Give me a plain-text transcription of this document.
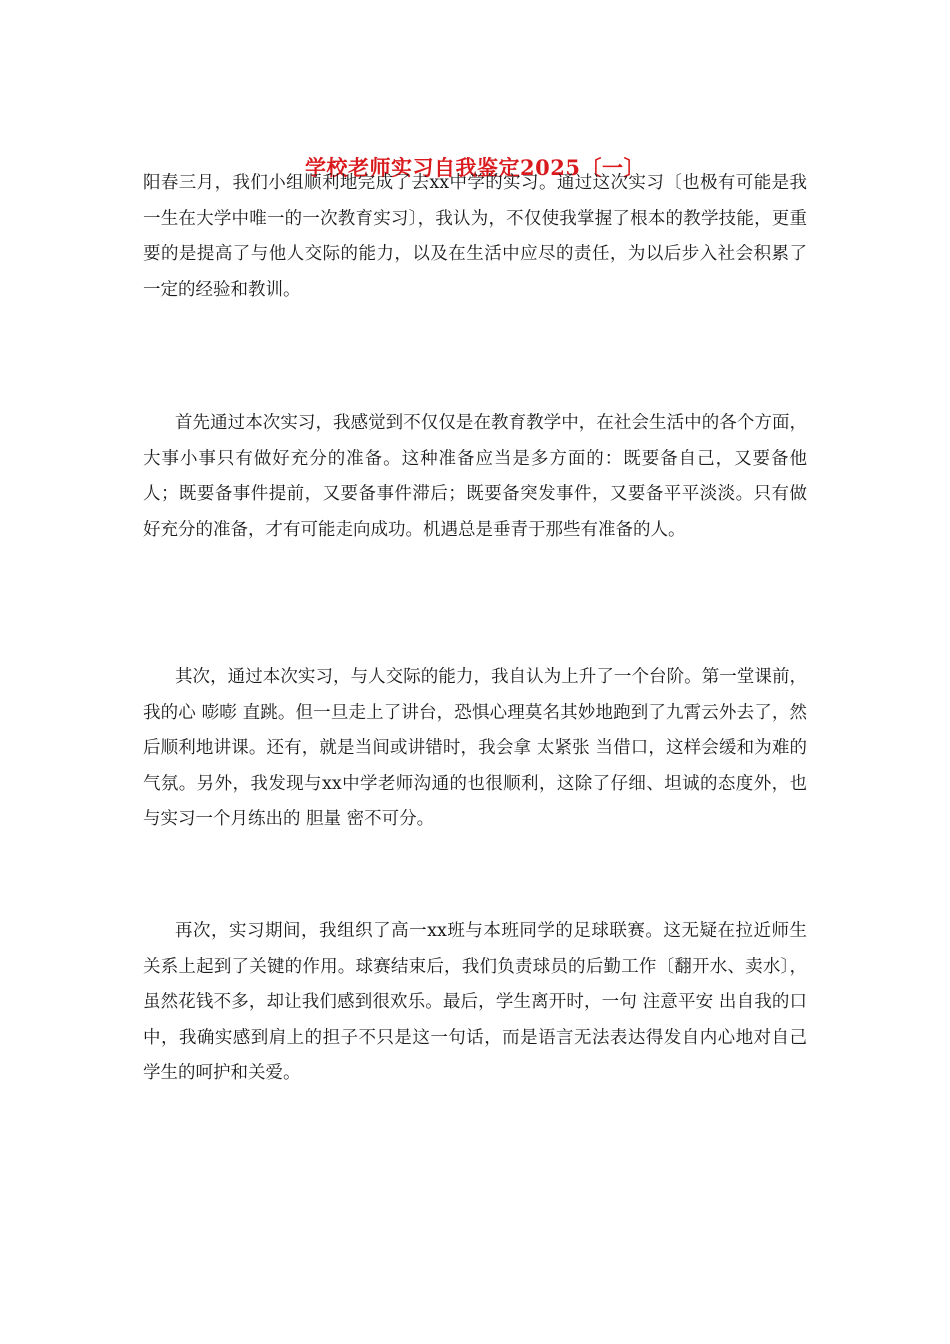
学校老师实习自我鉴定2025〔一〕

阳春三月，我们小组顺利地完成了去xx中学的实习。通过这次实习〔也极有可能是我一生在大学中唯一的一次教育实习〕，我认为，不仅使我掌握了根本的教学技能，更重要的是提高了与他人交际的能力，以及在生活中应尽的责任，为以后步入社会积累了一定的经验和教训。

首先通过本次实习，我感觉到不仅仅是在教育教学中，在社会生活中的各个方面，大事小事只有做好充分的准备。这种准备应当是多方面的：既要备自己，又要备他人；既要备事件提前，又要备事件滞后；既要备突发事件，又要备平平淡淡。只有做好充分的准备，才有可能走向成功。机遇总是垂青于那些有准备的人。

其次，通过本次实习，与人交际的能力，我自认为上升了一个台阶。第一堂课前，我的心 嘭嘭 直跳。但一旦走上了讲台，恐惧心理莫名其妙地跑到了九霄云外去了，然后顺利地讲课。还有，就是当间或讲错时，我会拿 太紧张 当借口，这样会缓和为难的气氛。另外，我发现与xx中学老师沟通的也很顺利，这除了仔细、坦诚的态度外，也与实习一个月练出的 胆量 密不可分。

再次，实习期间，我组织了高一xx班与本班同学的足球联赛。这无疑在拉近师生关系上起到了关键的作用。球赛结束后，我们负责球员的后勤工作〔翻开水、卖水〕，虽然花钱不多，却让我们感到很欢乐。最后，学生离开时，一句 注意平安 出自我的口中，我确实感到肩上的担子不只是这一句话，而是语言无法表达得发自内心地对自己学生的呵护和关爱。
